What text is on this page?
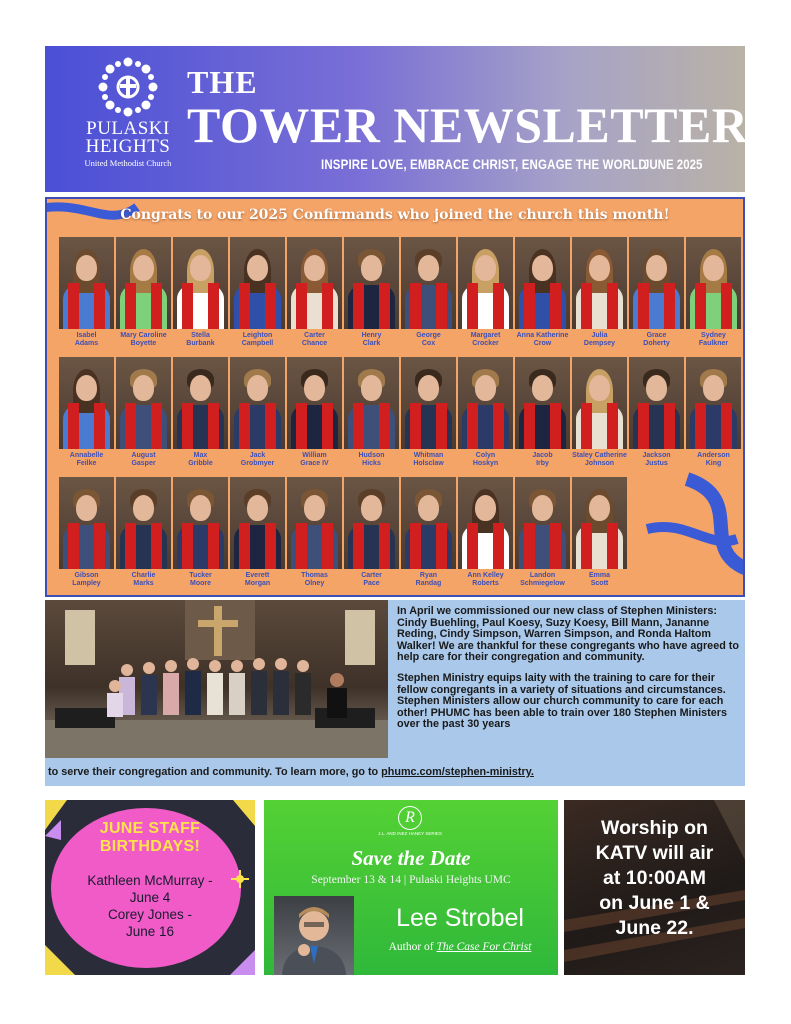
PULASKI
HEIGHTS
United Methodist Church
THE
TOWER NEWSLETTER
INSPIRE LOVE, EMBRACE CHRIST, ENGAGE THE WORLD
JUNE 2025
Congrats to our 2025 Confirmands who joined the church this month!
Isabel
Adams
Mary Caroline
Boyette
Stella
Burbank
Leighton
Campbell
Carter
Chance
Henry
Clark
George
Cox
Margaret
Crocker
Anna Katherine
Crow
Julia
Dempsey
Grace
Doherty
Sydney
Faulkner
Annabelle
Feilke
August
Gasper
Max
Gribble
Jack
Grobmyer
William
Grace IV
Hudson
Hicks
Whitman
Holsclaw
Colyn
Hoskyn
Jacob
Irby
Staley Catherine
Johnson
Jackson
Justus
Anderson
King
Gibson
Lampley
Charlie
Marks
Tucker
Moore
Everett
Morgan
Thomas
Olney
Carter
Pace
Ryan
Randag
Ann Kelley
Roberts
Landon
Schmiegelow
Emma
Scott

In April we commissioned our new class of Stephen Ministers: Cindy Buehling, Paul Koesy, Suzy Koesy, Bill Mann, Jananne Reding, Cindy Simpson, Warren Simpson, and Ronda Haltom Walker! We are thankful for these congregants who have agreed to help care for their congregation and community.

Stephen Ministry equips laity with the training to care for their fellow congregants in a variety of situations and circumstances. Stephen Ministers allow our church community to care for each other! PHUMC has been able to train over 180 Stephen Ministers over the past 30 years

to serve their congregation and community. To learn more, go to phumc.com/stephen-ministry.
JUNE STAFF
BIRTHDAYS!
Kathleen McMurray -
June 4
Corey Jones -
June 16
R
J.L. AND INEZ HANEY SERIES
Save the Date
September 13 & 14 | Pulaski Heights UMC
Lee Strobel
Author of The Case For Christ
Worship on
KATV will air
at 10:00AM
on June 1 &
June 22.
